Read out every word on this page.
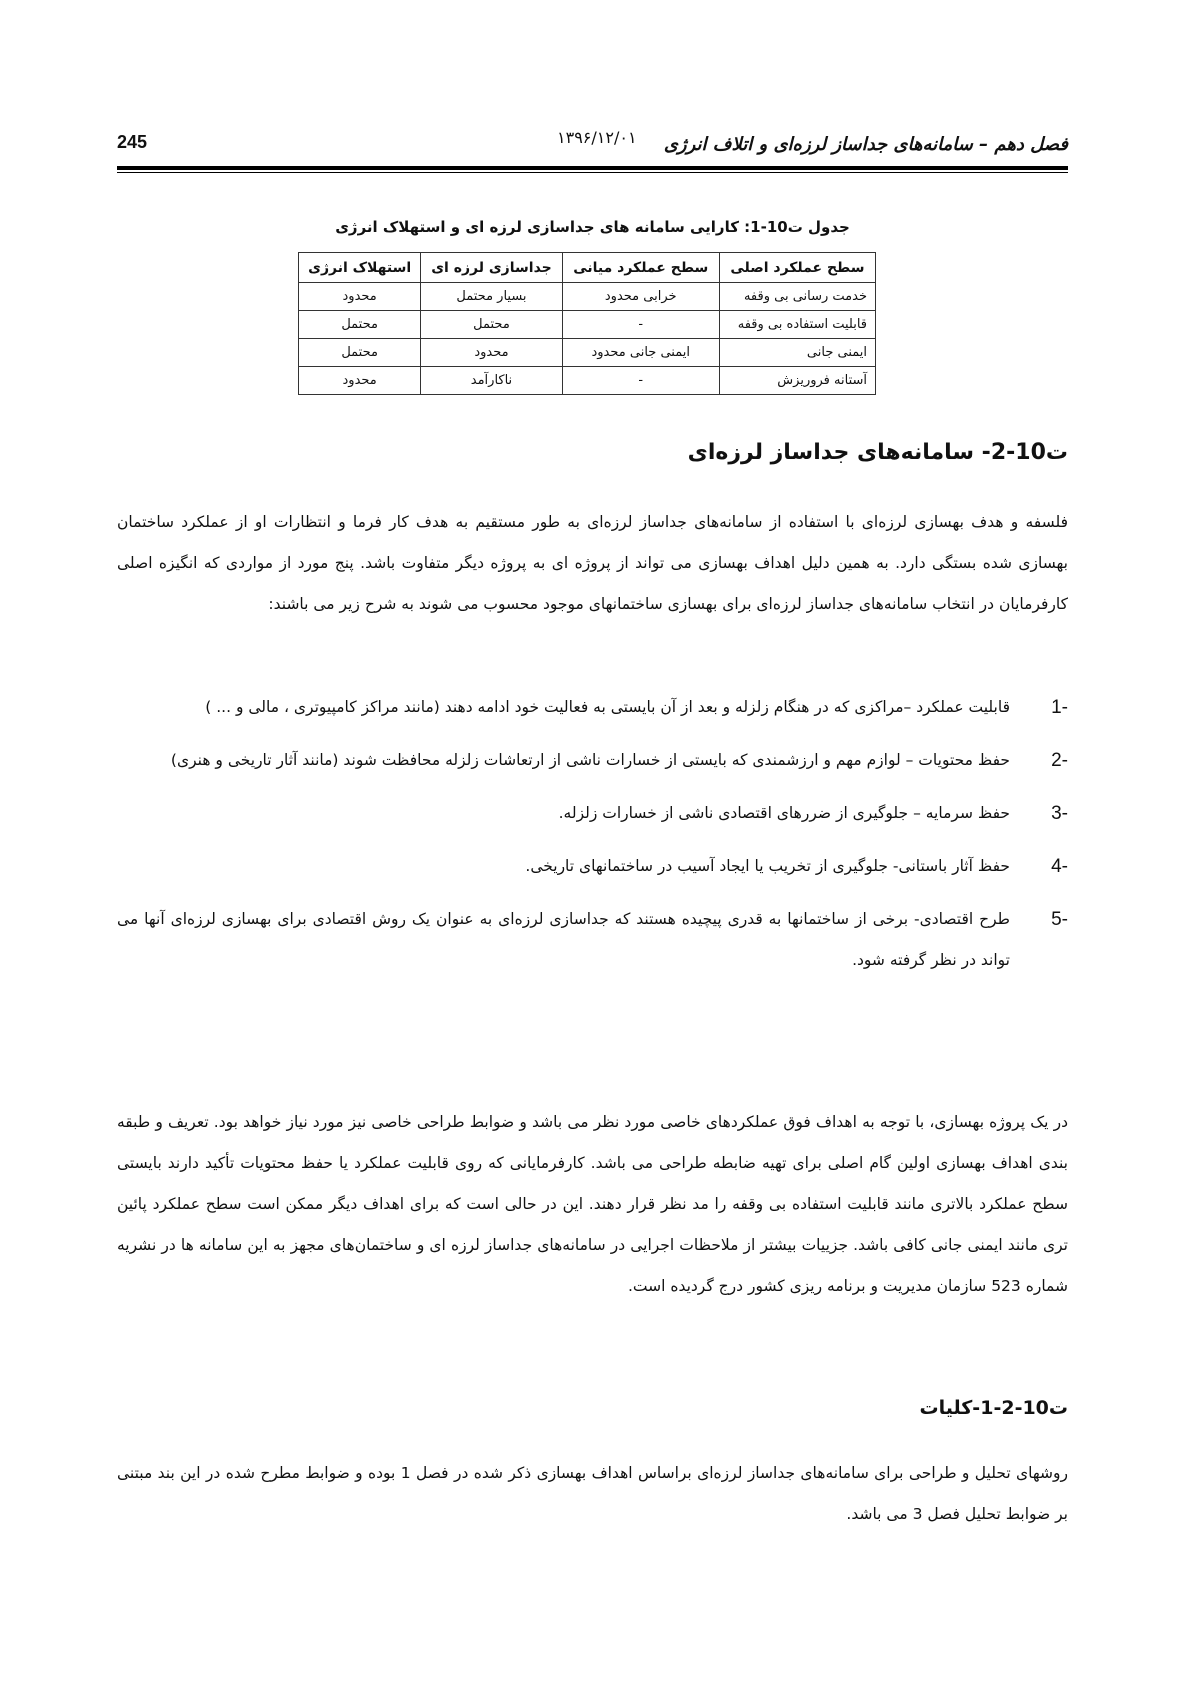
فصل دهم – سامانه‌های جداساز لرزه‌ای و اتلاف انرژی
۱۳۹۶/۱۲/۰۱
245
جدول ت10-1: کارایی سامانه های جداسازی لرزه ای و استهلاک انرژی
سطح عملکرد اصلی	سطح عملکرد میانی	جداسازی لرزه ای	استهلاک انرژی
خدمت رسانی بی وقفه	خرابی محدود	بسیار محتمل	محدود
قابلیت استفاده بی وقفه	-	محتمل	محتمل
ایمنی جانی	ایمنی جانی محدود	محدود	محتمل
آستانه فروریزش	-	ناکارآمد	محدود
ت10-2- سامانه‌های جداساز لرزه‌ای
فلسفه و هدف بهسازی لرزه‌ای با استفاده از سامانه‌های جداساز لرزه‌ای به طور مستقیم به هدف کار فرما و انتظارات او از عملکرد ساختمان بهسازی شده بستگی دارد. به همین دلیل اهداف بهسازی می تواند از پروژه ای به پروژه دیگر متفاوت باشد. پنج مورد از مواردی که انگیزه اصلی کارفرمایان در انتخاب سامانه‌های جداساز لرزه‌ای برای بهسازی ساختمانهای موجود محسوب می شوند به شرح زیر می باشند:
-1
قابلیت عملکرد –مراکزی که در هنگام زلزله و بعد از آن بایستی به فعالیت خود ادامه دهند (مانند مراکز کامپیوتری ، مالی و ... )
-2
حفظ محتویات – لوازم مهم و ارزشمندی که بایستی از خسارات ناشی از ارتعاشات زلزله محافظت شوند (مانند آثار تاریخی و هنری)
-3
حفظ سرمایه – جلوگیری از ضررهای اقتصادی ناشی از خسارات زلزله.
-4
حفظ آثار باستانی- جلوگیری از تخریب یا ایجاد آسیب در ساختمانهای تاریخی.
-5
طرح اقتصادی- برخی از ساختمانها به قدری پیچیده هستند که جداسازی لرزه‌ای به عنوان یک روش اقتصادی برای بهسازی لرزه‌ای آنها می تواند در نظر گرفته شود.
در یک پروژه بهسازی، با توجه به اهداف فوق عملکردهای خاصی مورد نظر می باشد و ضوابط طراحی خاصی نیز مورد نیاز خواهد بود. تعریف و طبقه بندی اهداف بهسازی اولین گام اصلی برای تهیه ضابطه طراحی می باشد. کارفرمایانی که روی قابلیت عملکرد یا حفظ محتویات تأکید دارند بایستی سطح عملکرد بالاتری مانند قابلیت استفاده بی وقفه را مد نظر قرار دهند. این در حالی است که برای اهداف دیگر ممکن است سطح عملکرد پائین تری مانند ایمنی جانی کافی باشد. جزییات بیشتر از ملاحظات اجرایی در سامانه‌های جداساز لرزه ای و ساختمان‌های مجهز به این سامانه ها در نشریه شماره 523 سازمان مدیریت و برنامه ریزی کشور درج گردیده است.
ت10-2-1-کلیات
روشهای تحلیل و طراحی برای سامانه‌های جداساز لرزه‌ای براساس اهداف بهسازی ذکر شده در فصل 1 بوده و ضوابط مطرح شده در این بند مبتنی بر ضوابط تحلیل فصل 3 می باشد.
